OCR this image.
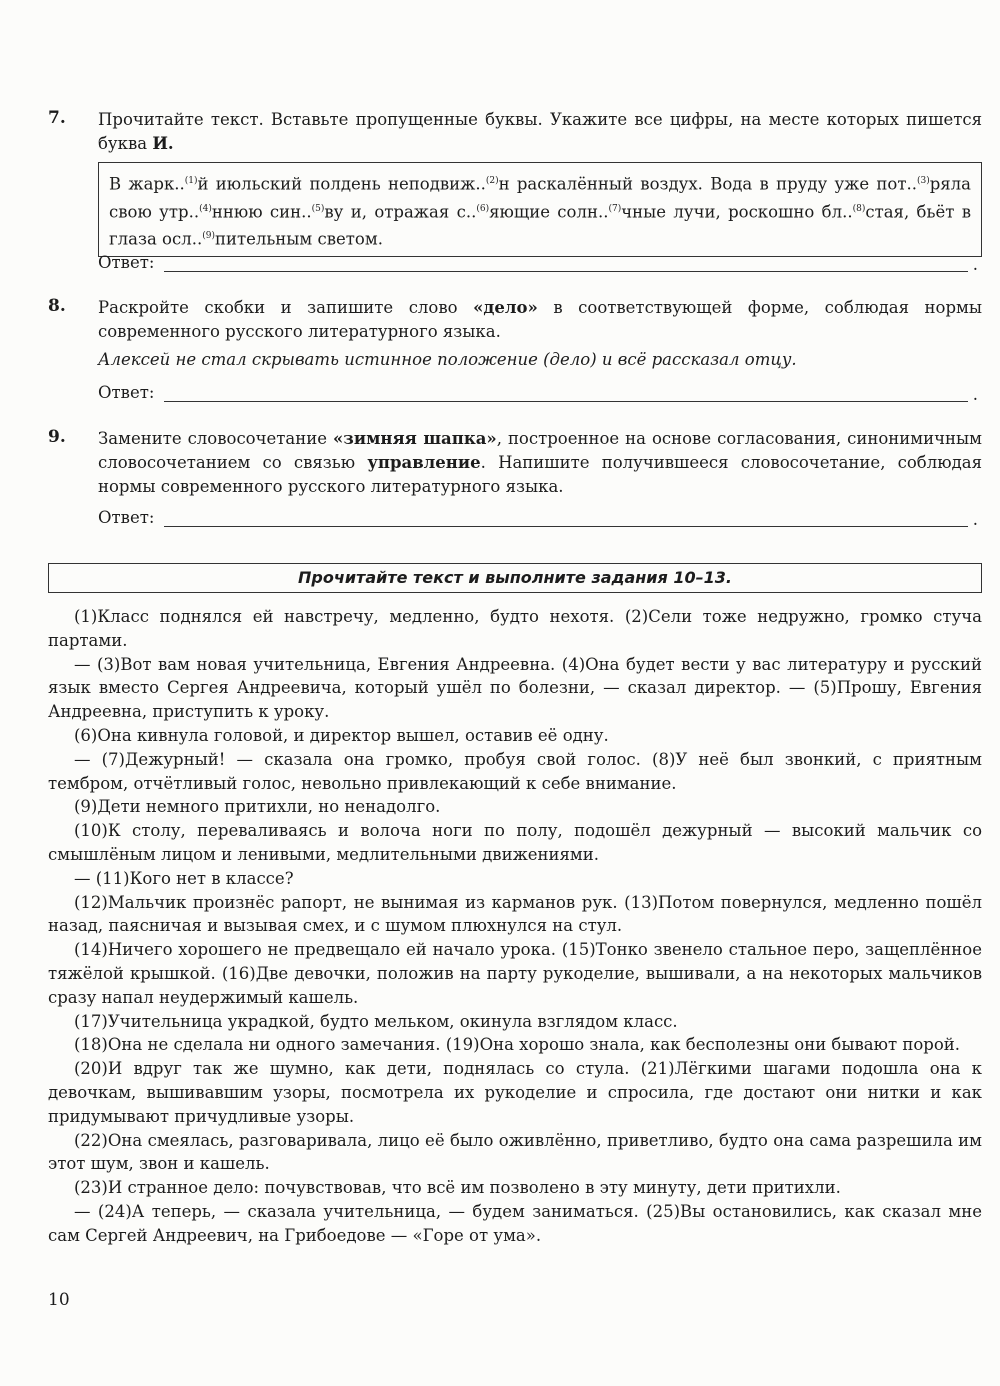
7. Прочитайте текст. Вставьте пропущенные буквы. Укажите все цифры, на месте которых пишется буква И.
В жарк..$^{(1)}$й июльский полдень неподвиж..$^{(2)}$н раскалённый воздух. Вода в пруду уже пот..$^{(3)}$ряла свою утр..$^{(4)}$ннюю син..$^{(5)}$ву и, отражая с..$^{(6)}$яющие солн..$^{(7)}$чные лучи, роскошно бл..$^{(8)}$стая, бьёт в глаза осл..$^{(9)}$пительным светом.
Ответ:	.
8. Раскройте скобки и запишите слово «дело» в соответствующей форме, соблюдая нормы современного русского литературного языка.
Алексей не стал скрывать истинное положение (дело) и всё рассказал отцу.
Ответ:	.
9. Замените словосочетание «зимняя шапка», построенное на основе согласования, синонимичным словосочетанием со связью управление. Напишите получившееся словосочетание, соблюдая нормы современного русского литературного языка.
Ответ:	.
Прочитайте текст и выполните задания 10–13.

(1)Класс поднялся ей навстречу, медленно, будто нехотя. (2)Сели тоже недружно, громко стуча партами.

— (3)Вот вам новая учительница, Евгения Андреевна. (4)Она будет вести у вас литературу и русский язык вместо Сергея Андреевича, который ушёл по болезни, — сказал директор. — (5)Прошу, Евгения Андреевна, приступить к уроку.

(6)Она кивнула головой, и директор вышел, оставив её одну.

— (7)Дежурный! — сказала она громко, пробуя свой голос. (8)У неё был звонкий, с приятным тембром, отчётливый голос, невольно привлекающий к себе внимание.

(9)Дети немного притихли, но ненадолго.

(10)К столу, переваливаясь и волоча ноги по полу, подошёл дежурный — высокий мальчик со смышлёным лицом и ленивыми, медлительными движениями.

— (11)Кого нет в классе?

(12)Мальчик произнёс рапорт, не вынимая из карманов рук. (13)Потом повернулся, медленно пошёл назад, паясничая и вызывая смех, и с шумом плюхнулся на стул.

(14)Ничего хорошего не предвещало ей начало урока. (15)Тонко звенело стальное перо, защеплённое тяжёлой крышкой. (16)Две девочки, положив на парту рукоделие, вышивали, а на некоторых мальчиков сразу напал неудержимый кашель.

(17)Учительница украдкой, будто мельком, окинула взглядом класс.

(18)Она не сделала ни одного замечания. (19)Она хорошо знала, как бесполезны они бывают порой.

(20)И вдруг так же шумно, как дети, поднялась со стула. (21)Лёгкими шагами подошла она к девочкам, вышивавшим узоры, посмотрела их рукоделие и спросила, где достают они нитки и как придумывают причудливые узоры.

(22)Она смеялась, разговаривала, лицо её было оживлённо, приветливо, будто она сама разрешила им этот шум, звон и кашель.

(23)И странное дело: почувствовав, что всё им позволено в эту минуту, дети притихли.

— (24)А теперь, — сказала учительница, — будем заниматься. (25)Вы остановились, как сказал мне сам Сергей Андреевич, на Грибоедове — «Горе от ума».

10
